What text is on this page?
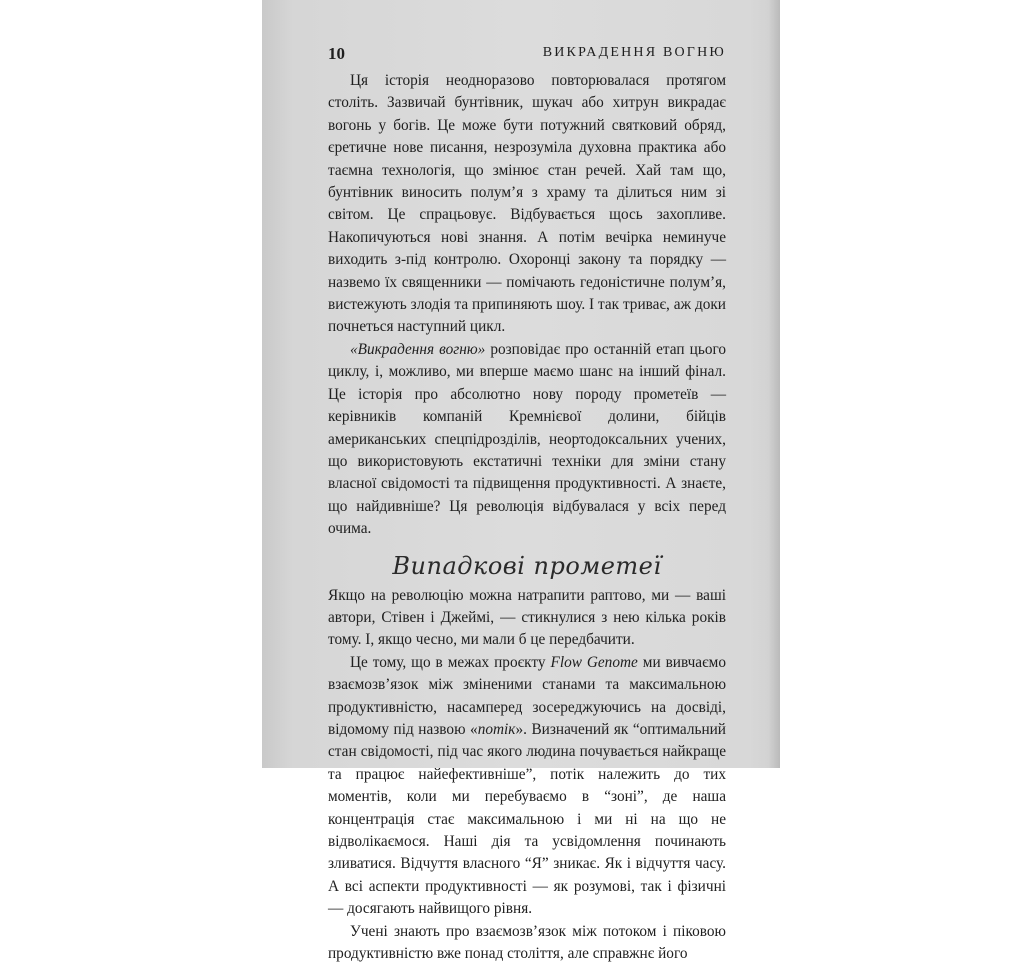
10	ВИКРАДЕННЯ ВОГНЮ

Ця історія неодноразово повторювалася протягом століть. Зазвичай бунтівник, шукач або хитрун викрадає вогонь у богів. Це може бути потужний святковий обряд, єретичне нове писання, незрозуміла духовна практика або таємна технологія, що змінює стан речей. Хай там що, бунтівник виносить полум’я з храму та ділиться ним зі світом. Це спрацьовує. Відбувається щось захопливе. Накопичуються нові знання. А потім вечірка неминуче виходить з-під контролю. Охоронці закону та порядку — назвемо їх священники — помічають гедоністичне полум’я, вистежують злодія та припиняють шоу. І так триває, аж доки почнеться наступний цикл.

«Викрадення вогню» розповідає про останній етап цього циклу, і, можливо, ми вперше маємо шанс на інший фінал. Це історія про абсолютно нову породу прометеїв — керівників компаній Кремнієвої долини, бійців американських спецпідрозділів, неортодоксальних учених, що використовують екстатичні техніки для зміни стану власної свідомості та підвищення продуктивності. А знаєте, що найдивніше? Ця революція відбувалася у всіх перед очима.

Випадкові прометеї

Якщо на революцію можна натрапити раптово, ми — ваші автори, Стівен і Джеймі, — стикнулися з нею кілька років тому. І, якщо чесно, ми мали б це передбачити.

Це тому, що в межах проєкту Flow Genome ми вивчаємо взаємозв’язок між зміненими станами та максимальною продуктивністю, насамперед зосереджуючись на досвіді, відомому під назвою «потік». Визначений як “оптимальний стан свідомості, під час якого людина почувається найкраще та працює найефективніше”, потік належить до тих моментів, коли ми перебуваємо в “зоні”, де наша концентрація стає максимальною і ми ні на що не відволікаємося. Наші дія та усвідомлення починають зливатися. Відчуття власного “Я” зникає. Як і відчуття часу. А всі аспекти продуктивності — як розумові, так і фізичні — досягають найвищого рівня.

Учені знають про взаємозв’язок між потоком і піковою продуктивністю вже понад століття, але справжнє його
